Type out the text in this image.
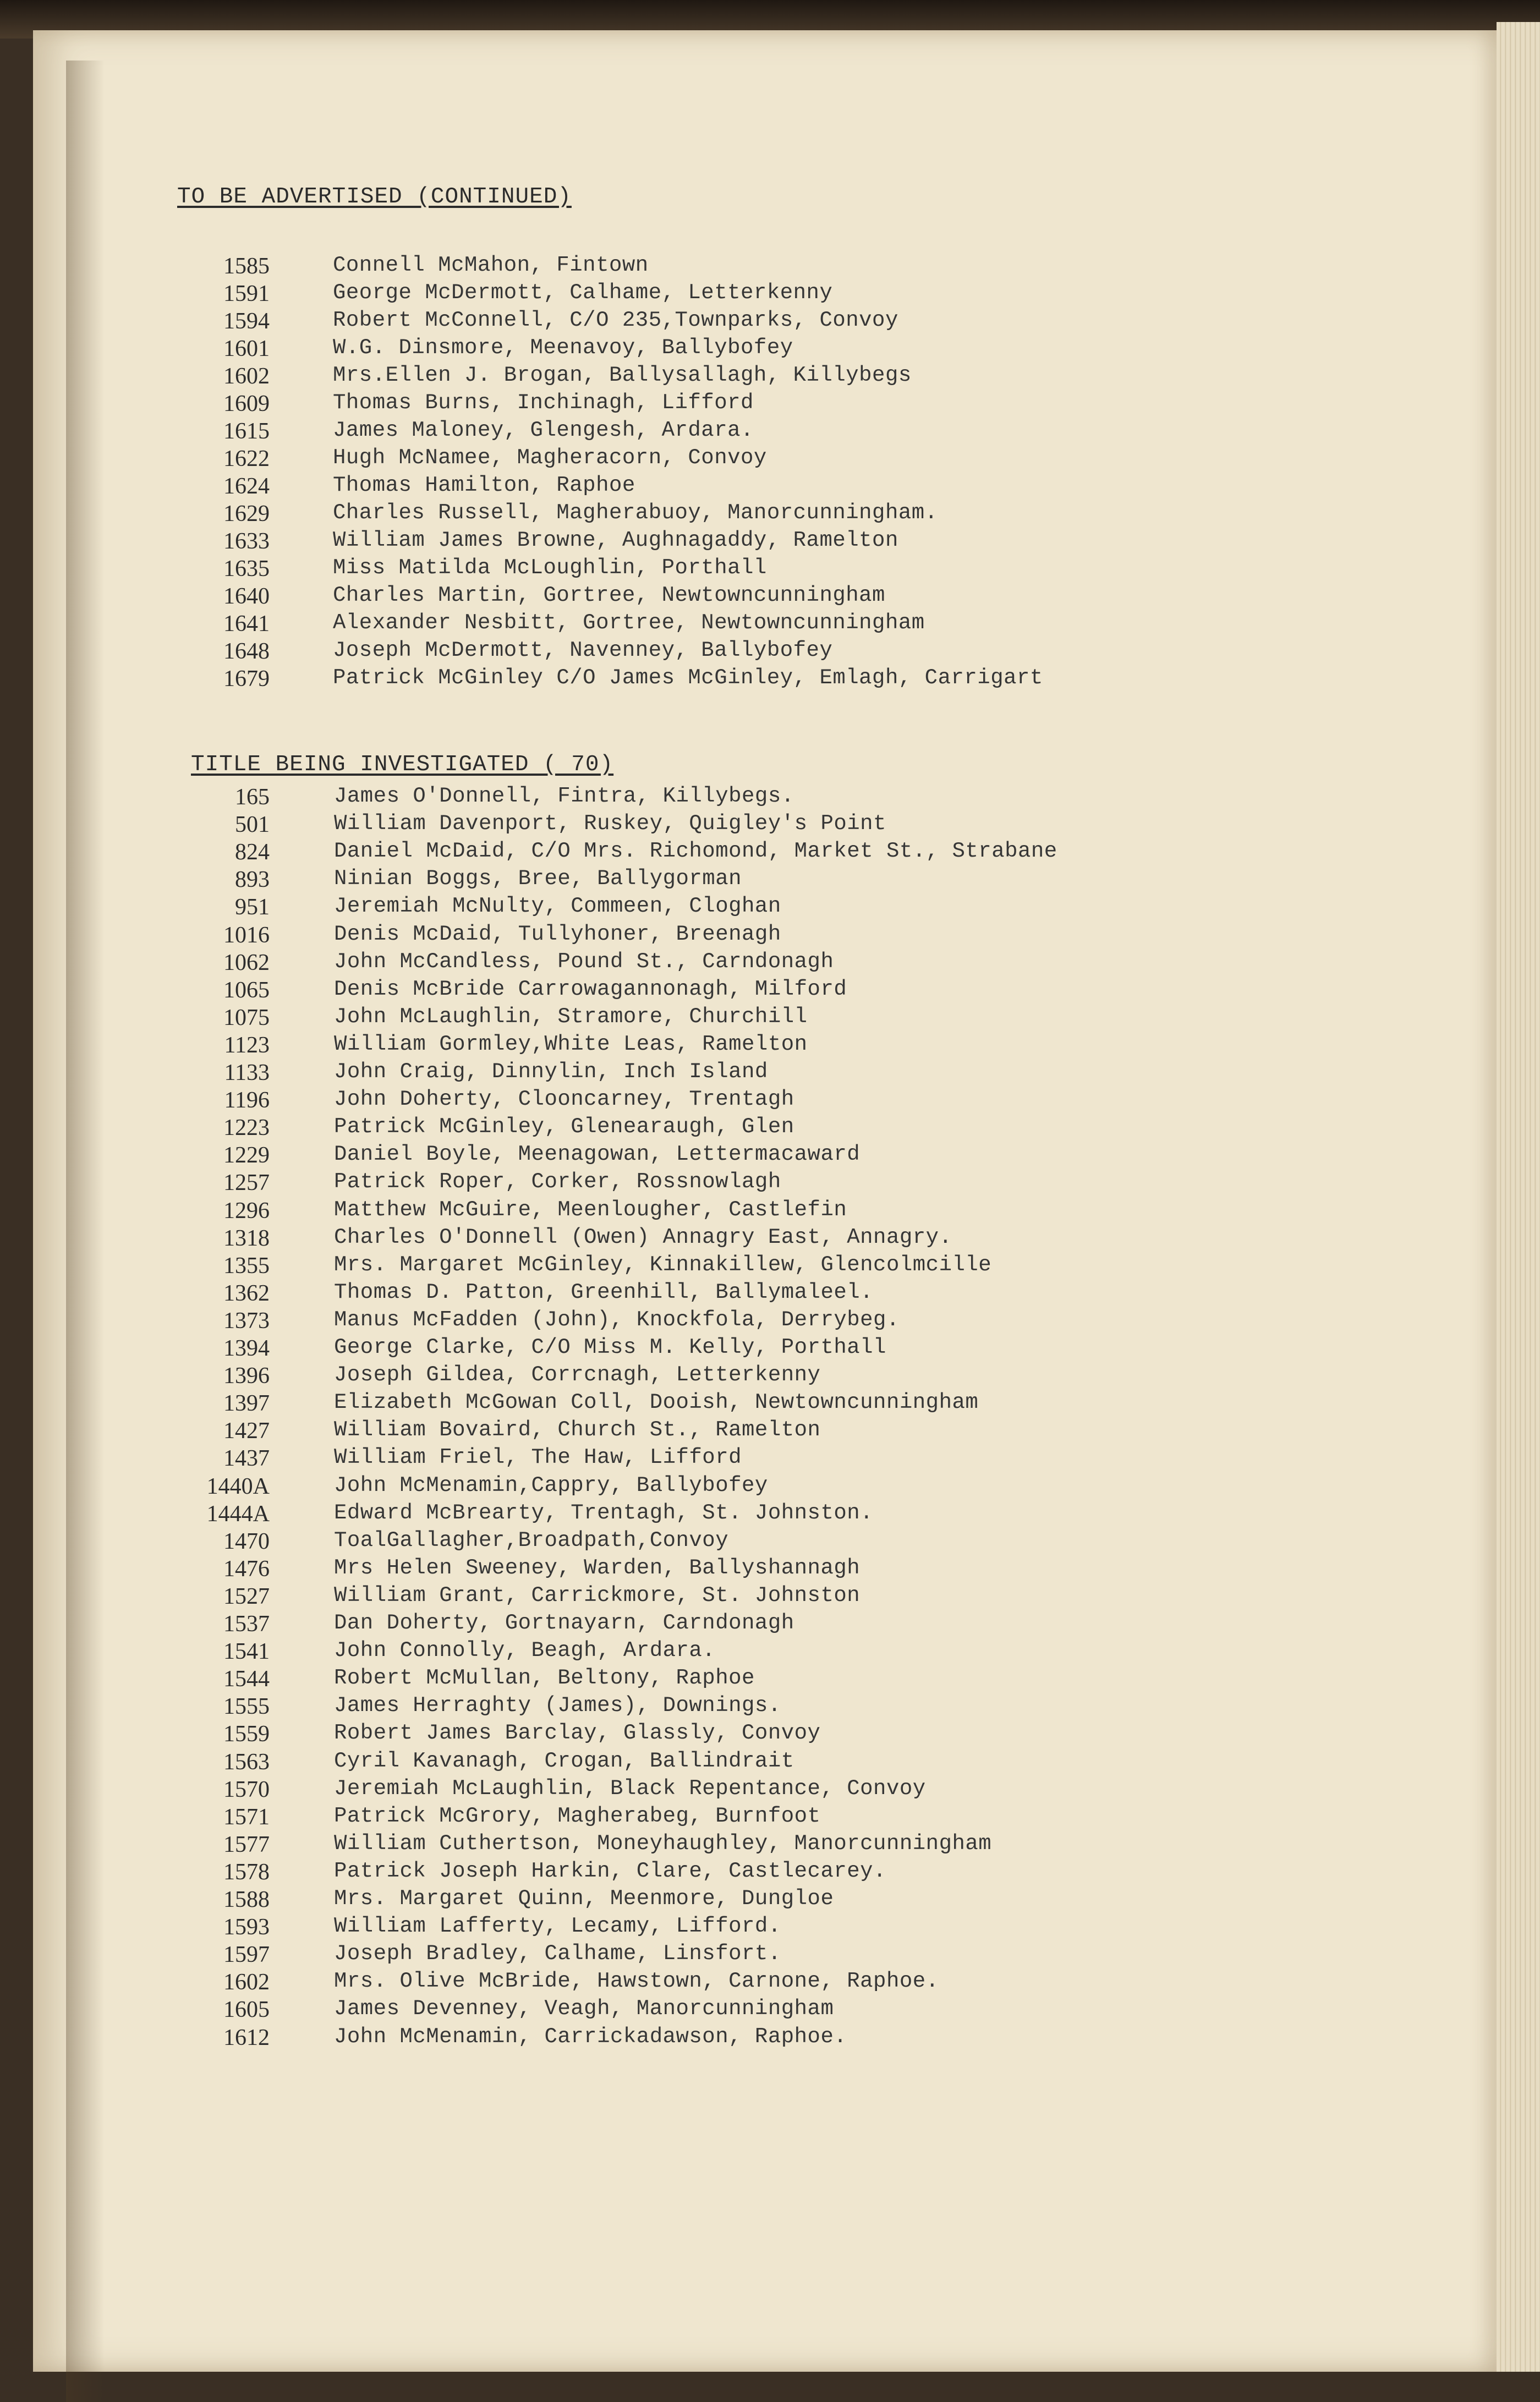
TO BE ADVERTISED (CONTINUED)
1585	Connell McMahon, Fintown
1591	George McDermott, Calhame, Letterkenny
1594	Robert McConnell, C/O 235,Townparks, Convoy
1601	W.G. Dinsmore, Meenavoy, Ballybofey
1602	Mrs.Ellen J. Brogan, Ballysallagh, Killybegs
1609	Thomas Burns, Inchinagh, Lifford
1615	James Maloney, Glengesh, Ardara.
1622	Hugh McNamee, Magheracorn, Convoy
1624	Thomas Hamilton, Raphoe
1629	Charles Russell, Magherabuoy, Manorcunningham.
1633	William James Browne, Aughnagaddy, Ramelton
1635	Miss Matilda McLoughlin, Porthall
1640	Charles Martin, Gortree, Newtowncunningham
1641	Alexander Nesbitt, Gortree, Newtowncunningham
1648	Joseph McDermott, Navenney, Ballybofey
1679	Patrick McGinley C/O James McGinley, Emlagh, Carrigart
TITLE BEING INVESTIGATED ( 70)
165	James O'Donnell, Fintra, Killybegs.
501	William Davenport, Ruskey, Quigley's Point
824	Daniel McDaid, C/O Mrs. Richomond, Market St., Strabane
893	Ninian Boggs, Bree, Ballygorman
951	Jeremiah McNulty, Commeen, Cloghan
1016	Denis McDaid, Tullyhoner, Breenagh
1062	John McCandless, Pound St., Carndonagh
1065	Denis McBride Carrowagannonagh, Milford
1075	John McLaughlin, Stramore, Churchill
1123	William Gormley,White Leas, Ramelton
1133	John Craig, Dinnylin, Inch Island
1196	John Doherty, Clooncarney, Trentagh
1223	Patrick McGinley, Glenearaugh, Glen
1229	Daniel Boyle, Meenagowan, Lettermacaward
1257	Patrick Roper, Corker, Rossnowlagh
1296	Matthew McGuire, Meenlougher, Castlefin
1318	Charles O'Donnell (Owen) Annagry East, Annagry.
1355	Mrs. Margaret McGinley, Kinnakillew, Glencolmcille
1362	Thomas D. Patton, Greenhill, Ballymaleel.
1373	Manus McFadden (John), Knockfola, Derrybeg.
1394	George Clarke, C/O Miss M. Kelly, Porthall
1396	Joseph Gildea, Corrcnagh, Letterkenny
1397	Elizabeth McGowan Coll, Dooish, Newtowncunningham
1427	William Bovaird, Church St., Ramelton
1437	William Friel, The Haw, Lifford
1440A	John McMenamin,Cappry, Ballybofey
1444A	Edward McBrearty, Trentagh, St. Johnston.
1470	ToalGallagher,Broadpath,Convoy
1476	Mrs Helen Sweeney, Warden, Ballyshannagh
1527	William Grant, Carrickmore, St. Johnston
1537	Dan Doherty, Gortnayarn, Carndonagh
1541	John Connolly, Beagh, Ardara.
1544	Robert McMullan, Beltony, Raphoe
1555	James Herraghty (James), Downings.
1559	Robert James Barclay, Glassly, Convoy
1563	Cyril Kavanagh, Crogan, Ballindrait
1570	Jeremiah McLaughlin, Black Repentance, Convoy
1571	Patrick McGrory, Magherabeg, Burnfoot
1577	William Cuthertson, Moneyhaughley, Manorcunningham
1578	Patrick Joseph Harkin, Clare, Castlecarey.
1588	Mrs. Margaret Quinn, Meenmore, Dungloe
1593	William Lafferty, Lecamy, Lifford.
1597	Joseph Bradley, Calhame, Linsfort.
1602	Mrs. Olive McBride, Hawstown, Carnone, Raphoe.
1605	James Devenney, Veagh, Manorcunningham
1612	John McMenamin, Carrickadawson, Raphoe.
